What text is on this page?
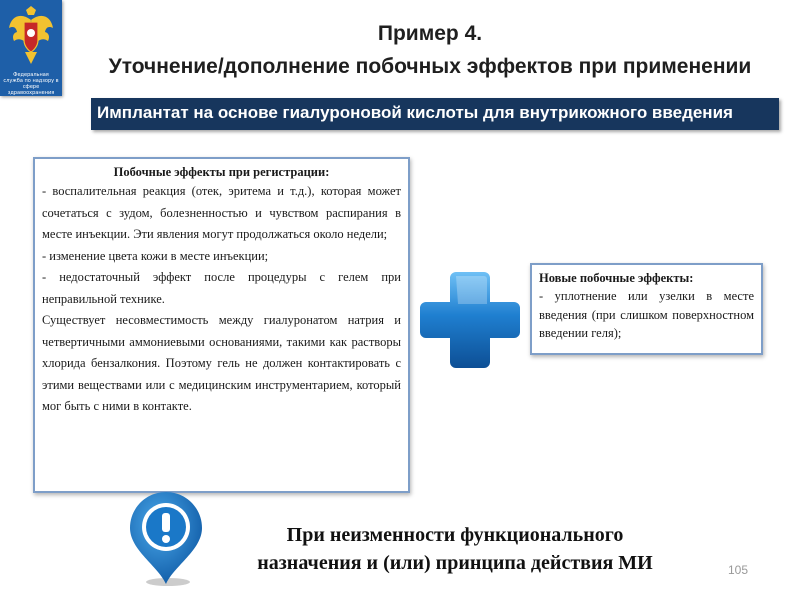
Федеральная служба по надзору в сфере здравоохранения
Пример 4.
Уточнение/дополнение побочных эффектов при применении
Имплантат на основе гиалуроновой кислоты для внутрикожного введения
Побочные эффекты при регистрации:

- воспалительная реакция (отек, эритема и т.д.), которая может сочетаться с зудом, болезненностью и чувством распирания в месте инъекции. Эти явления могут продолжаться около недели;

- изменение цвета кожи в месте инъекции;

- недостаточный эффект после процедуры с гелем при неправильной технике.

Существует несовместимость между гиалуронатом натрия и четвертичными аммониевыми основаниями, такими как растворы хлорида бензалкония. Поэтому гель не должен контактировать с этими веществами или с медицинским инструментарием, который мог быть с ними в контакте.

Новые побочные эффекты:

- уплотнение или узелки в месте введения (при слишком поверхностном введении геля);

При неизменности функционального
назначения и (или) принципа действия МИ	105
